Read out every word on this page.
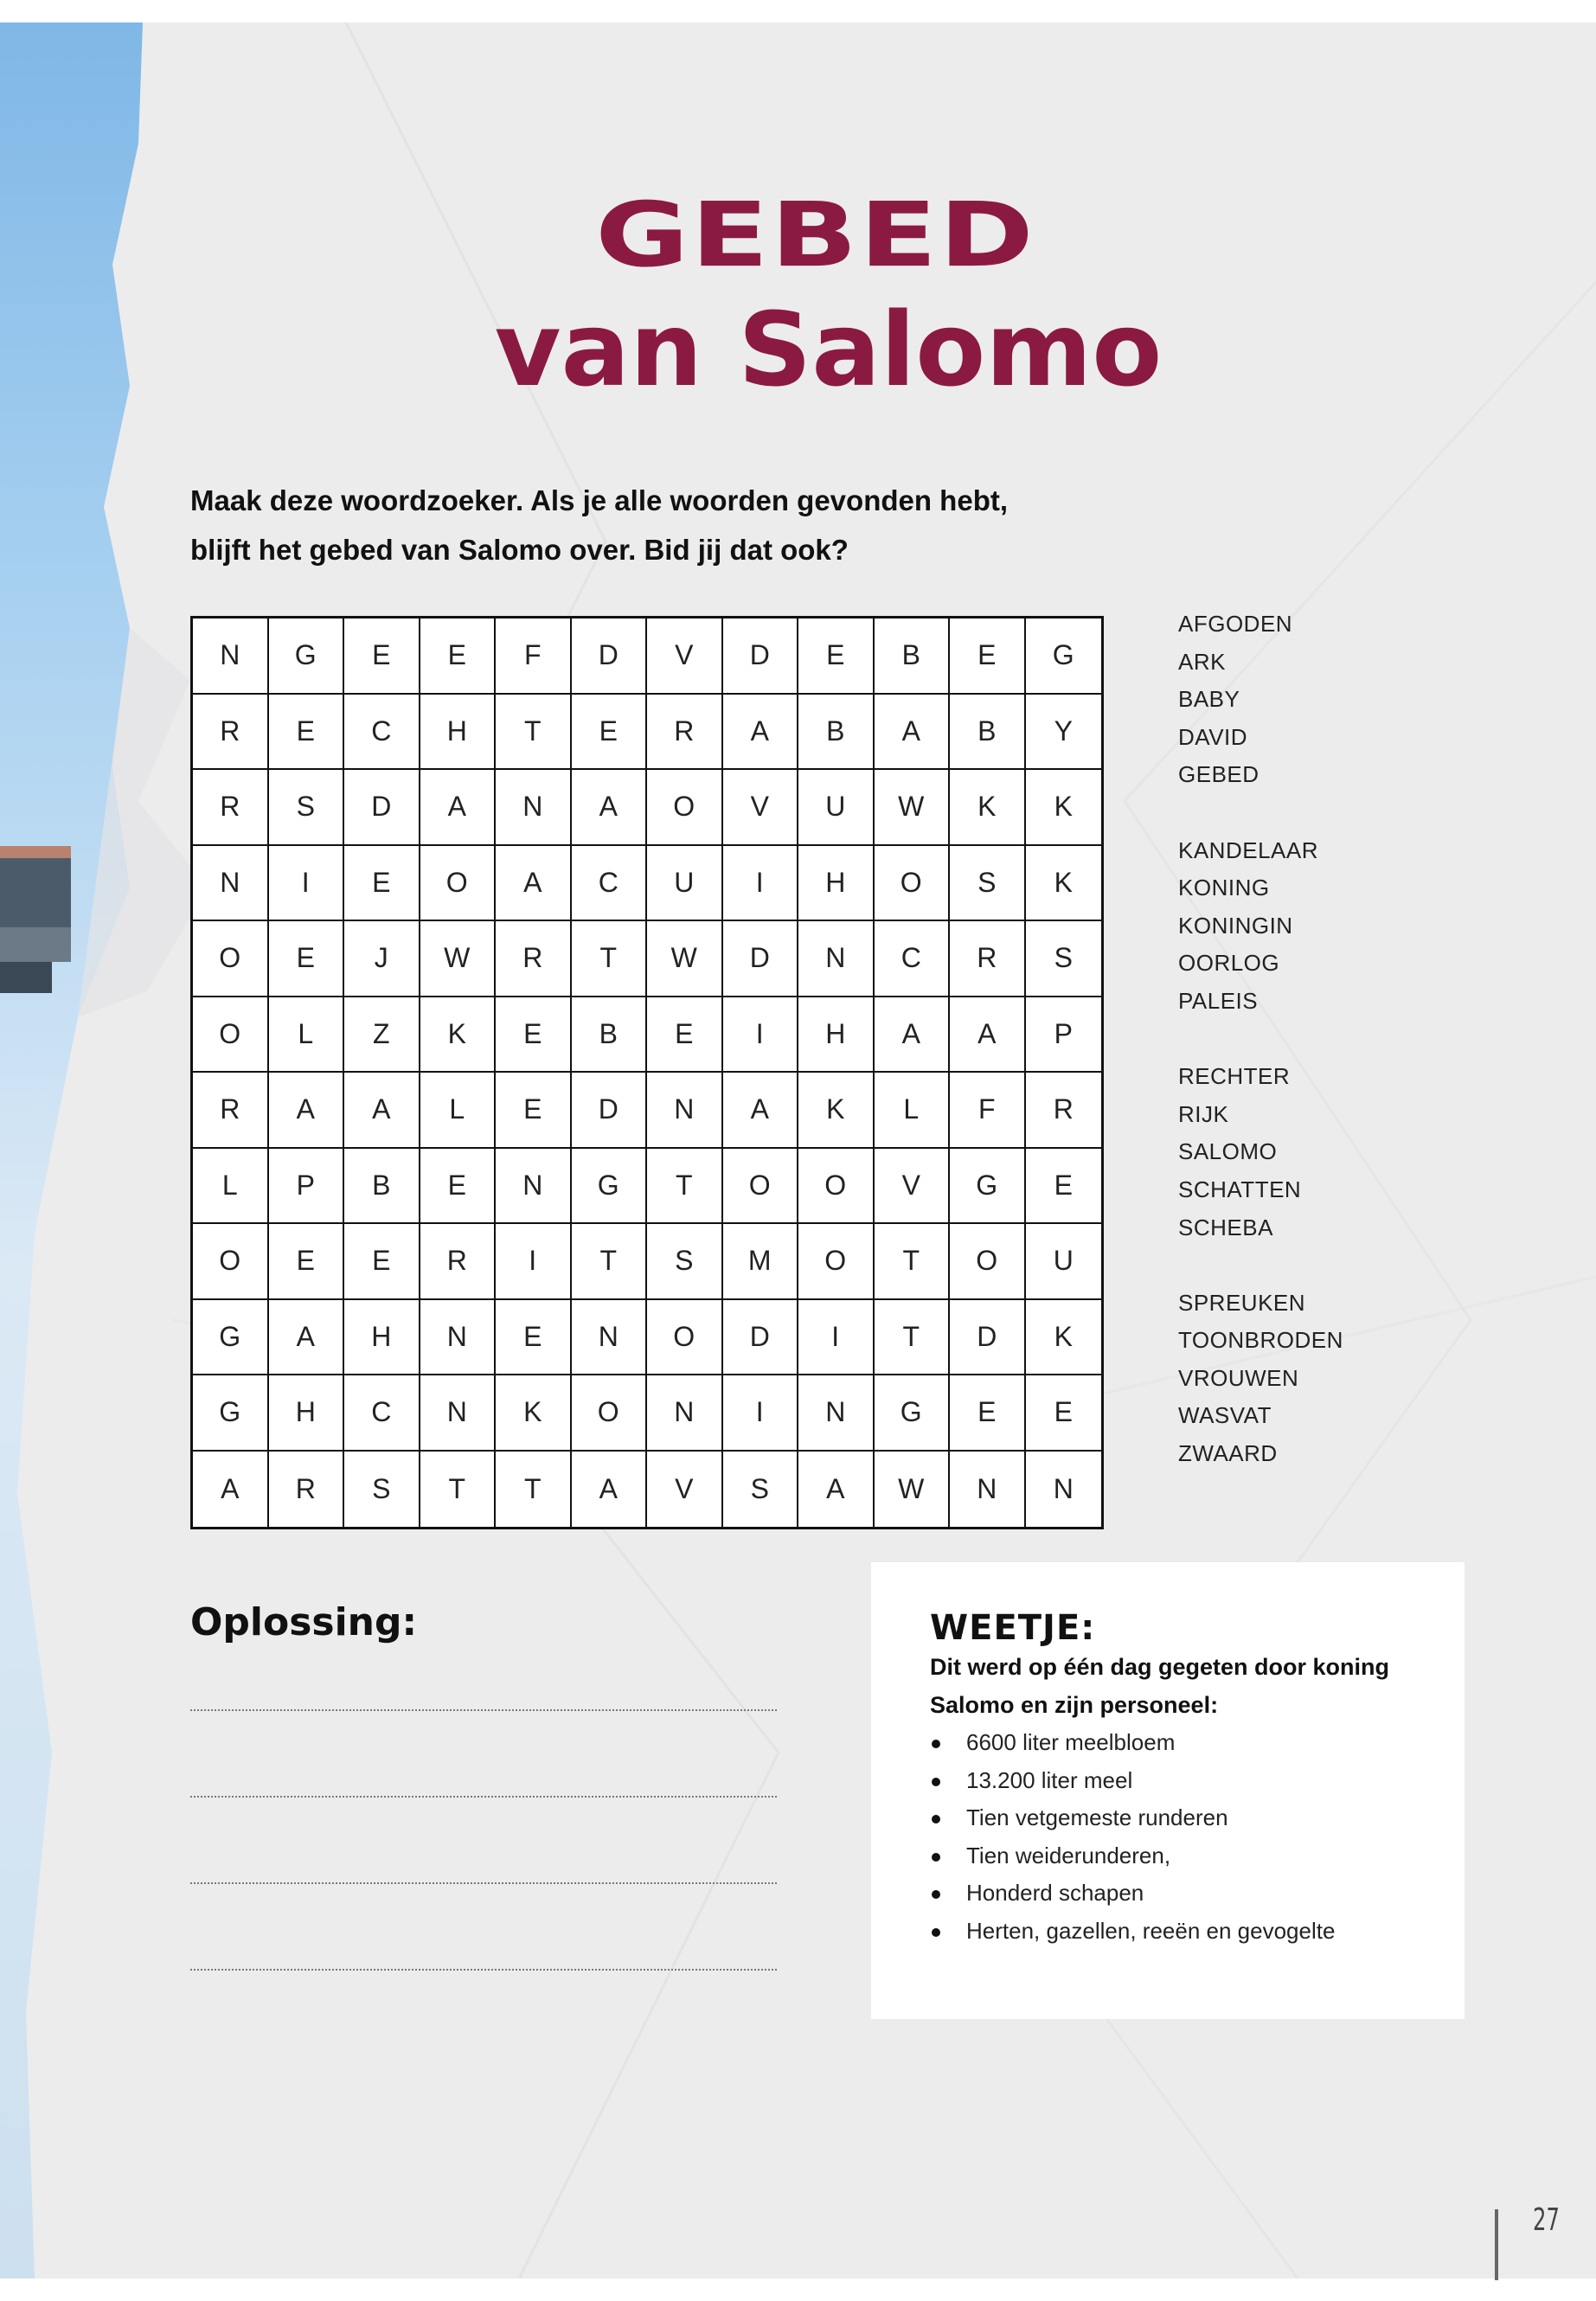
GEBED
van Salomo
Maak deze woordzoeker. Als je alle woorden gevonden hebt,
blijft het gebed van Salomo over. Bid jij dat ook?
N	G	E	E	F	D	V	D	E	B	E	G
R	E	C	H	T	E	R	A	B	A	B	Y
R	S	D	A	N	A	O	V	U	W	K	K
N	I	E	O	A	C	U	I	H	O	S	K
O	E	J	W	R	T	W	D	N	C	R	S
O	L	Z	K	E	B	E	I	H	A	A	P
R	A	A	L	E	D	N	A	K	L	F	R
L	P	B	E	N	G	T	O	O	V	G	E
O	E	E	R	I	T	S	M	O	T	O	U
G	A	H	N	E	N	O	D	I	T	D	K
G	H	C	N	K	O	N	I	N	G	E	E
A	R	S	T	T	A	V	S	A	W	N	N
AFGODEN
ARK
BABY
DAVID
GEBED
KANDELAAR
KONING
KONINGIN
OORLOG
PALEIS
RECHTER
RIJK
SALOMO
SCHATTEN
SCHEBA
SPREUKEN
TOONBRODEN
VROUWEN
WASVAT
ZWAARD
Oplossing:	WEETJE:
Dit werd op één dag gegeten door koning Salomo en zijn personeel:
6600 liter meelbloem
13.200 liter meel
Tien vetgemeste runderen
Tien weiderunderen,
Honderd schapen
Herten, gazellen, reeën en gevogelte

27
